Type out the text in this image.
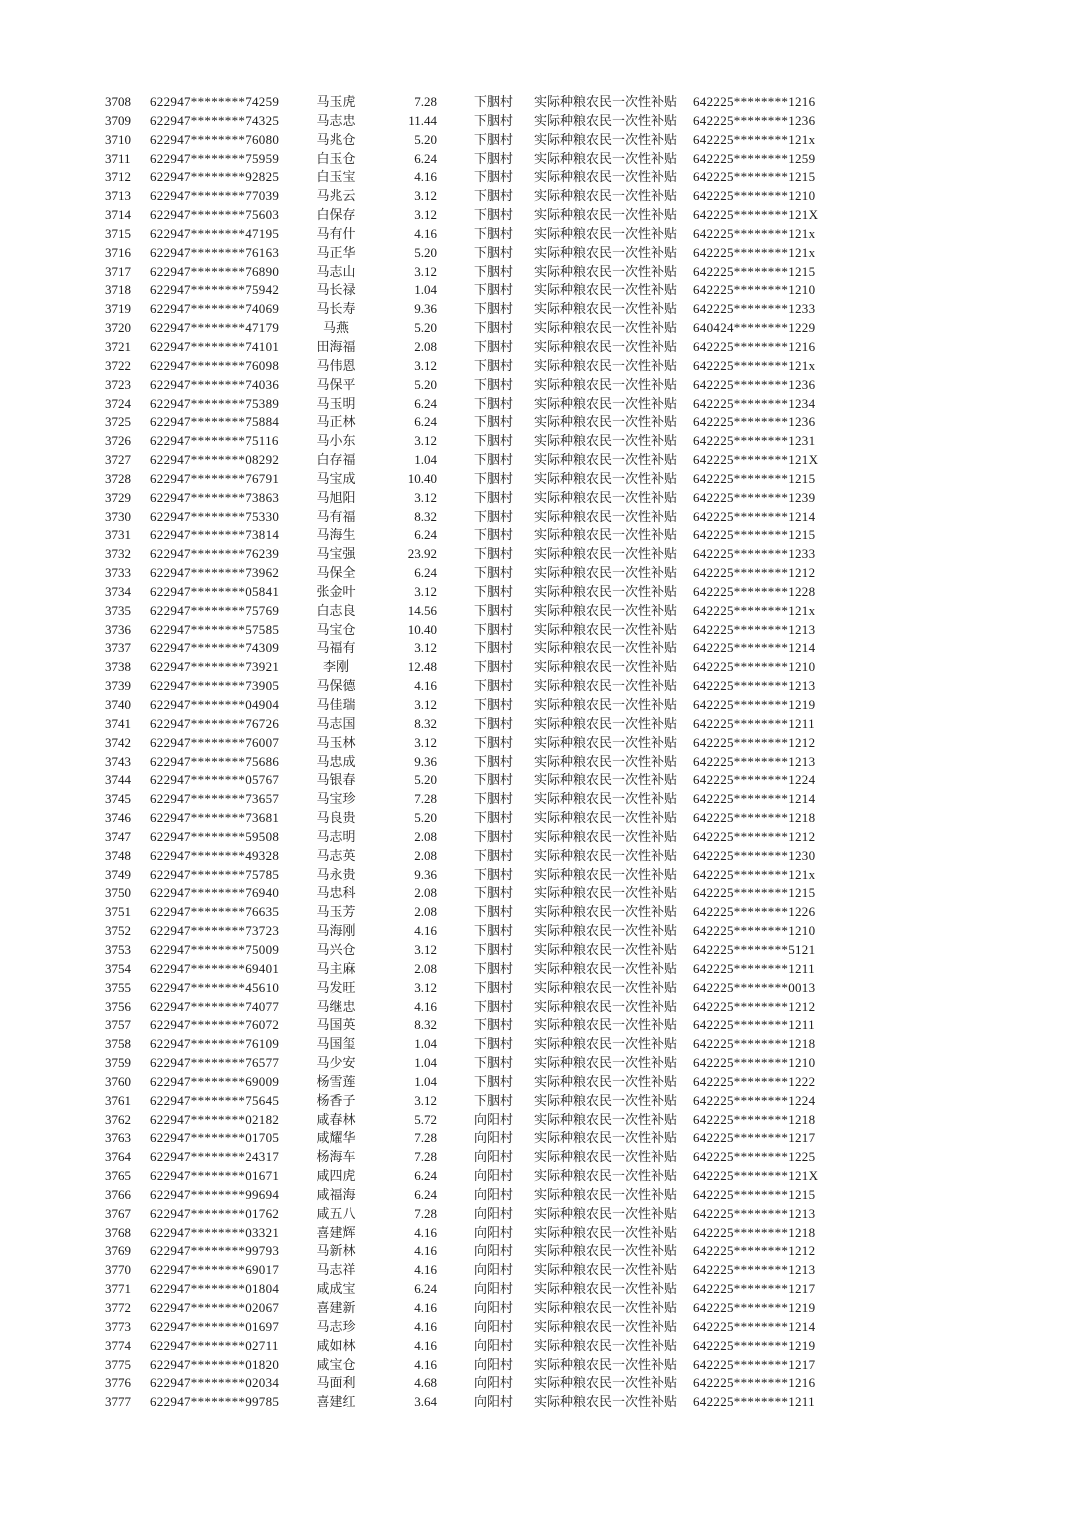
3708	622947********74259	马玉虎	7.28	下胭村	实际种粮农民一次性补贴	642225********1216
3709	622947********74325	马志忠	11.44	下胭村	实际种粮农民一次性补贴	642225********1236
3710	622947********76080	马兆仓	5.20	下胭村	实际种粮农民一次性补贴	642225********121x
3711	622947********75959	白玉仓	6.24	下胭村	实际种粮农民一次性补贴	642225********1259
3712	622947********92825	白玉宝	4.16	下胭村	实际种粮农民一次性补贴	642225********1215
3713	622947********77039	马兆云	3.12	下胭村	实际种粮农民一次性补贴	642225********1210
3714	622947********75603	白保存	3.12	下胭村	实际种粮农民一次性补贴	642225********121X
3715	622947********47195	马有什	4.16	下胭村	实际种粮农民一次性补贴	642225********121x
3716	622947********76163	马正华	5.20	下胭村	实际种粮农民一次性补贴	642225********121x
3717	622947********76890	马志山	3.12	下胭村	实际种粮农民一次性补贴	642225********1215
3718	622947********75942	马长禄	1.04	下胭村	实际种粮农民一次性补贴	642225********1210
3719	622947********74069	马长寿	9.36	下胭村	实际种粮农民一次性补贴	642225********1233
3720	622947********47179	马燕	5.20	下胭村	实际种粮农民一次性补贴	640424********1229
3721	622947********74101	田海福	2.08	下胭村	实际种粮农民一次性补贴	642225********1216
3722	622947********76098	马伟恩	3.12	下胭村	实际种粮农民一次性补贴	642225********121x
3723	622947********74036	马保平	5.20	下胭村	实际种粮农民一次性补贴	642225********1236
3724	622947********75389	马玉明	6.24	下胭村	实际种粮农民一次性补贴	642225********1234
3725	622947********75884	马正林	6.24	下胭村	实际种粮农民一次性补贴	642225********1236
3726	622947********75116	马小东	3.12	下胭村	实际种粮农民一次性补贴	642225********1231
3727	622947********08292	白存福	1.04	下胭村	实际种粮农民一次性补贴	642225********121X
3728	622947********76791	马宝成	10.40	下胭村	实际种粮农民一次性补贴	642225********1215
3729	622947********73863	马旭阳	3.12	下胭村	实际种粮农民一次性补贴	642225********1239
3730	622947********75330	马有福	8.32	下胭村	实际种粮农民一次性补贴	642225********1214
3731	622947********73814	马海生	6.24	下胭村	实际种粮农民一次性补贴	642225********1215
3732	622947********76239	马宝强	23.92	下胭村	实际种粮农民一次性补贴	642225********1233
3733	622947********73962	马保全	6.24	下胭村	实际种粮农民一次性补贴	642225********1212
3734	622947********05841	张金叶	3.12	下胭村	实际种粮农民一次性补贴	642225********1228
3735	622947********75769	白志良	14.56	下胭村	实际种粮农民一次性补贴	642225********121x
3736	622947********57585	马宝仓	10.40	下胭村	实际种粮农民一次性补贴	642225********1213
3737	622947********74309	马福有	3.12	下胭村	实际种粮农民一次性补贴	642225********1214
3738	622947********73921	李刚	12.48	下胭村	实际种粮农民一次性补贴	642225********1210
3739	622947********73905	马保德	4.16	下胭村	实际种粮农民一次性补贴	642225********1213
3740	622947********04904	马佳瑞	3.12	下胭村	实际种粮农民一次性补贴	642225********1219
3741	622947********76726	马志国	8.32	下胭村	实际种粮农民一次性补贴	642225********1211
3742	622947********76007	马玉林	3.12	下胭村	实际种粮农民一次性补贴	642225********1212
3743	622947********75686	马忠成	9.36	下胭村	实际种粮农民一次性补贴	642225********1213
3744	622947********05767	马银春	5.20	下胭村	实际种粮农民一次性补贴	642225********1224
3745	622947********73657	马宝珍	7.28	下胭村	实际种粮农民一次性补贴	642225********1214
3746	622947********73681	马良贵	5.20	下胭村	实际种粮农民一次性补贴	642225********1218
3747	622947********59508	马志明	2.08	下胭村	实际种粮农民一次性补贴	642225********1212
3748	622947********49328	马志英	2.08	下胭村	实际种粮农民一次性补贴	642225********1230
3749	622947********75785	马永贵	9.36	下胭村	实际种粮农民一次性补贴	642225********121x
3750	622947********76940	马忠科	2.08	下胭村	实际种粮农民一次性补贴	642225********1215
3751	622947********76635	马玉芳	2.08	下胭村	实际种粮农民一次性补贴	642225********1226
3752	622947********73723	马海刚	4.16	下胭村	实际种粮农民一次性补贴	642225********1210
3753	622947********75009	马兴仓	3.12	下胭村	实际种粮农民一次性补贴	642225********5121
3754	622947********69401	马主麻	2.08	下胭村	实际种粮农民一次性补贴	642225********1211
3755	622947********45610	马发旺	3.12	下胭村	实际种粮农民一次性补贴	642225********0013
3756	622947********74077	马继忠	4.16	下胭村	实际种粮农民一次性补贴	642225********1212
3757	622947********76072	马国英	8.32	下胭村	实际种粮农民一次性补贴	642225********1211
3758	622947********76109	马国玺	1.04	下胭村	实际种粮农民一次性补贴	642225********1218
3759	622947********76577	马少安	1.04	下胭村	实际种粮农民一次性补贴	642225********1210
3760	622947********69009	杨雪莲	1.04	下胭村	实际种粮农民一次性补贴	642225********1222
3761	622947********75645	杨香子	3.12	下胭村	实际种粮农民一次性补贴	642225********1224
3762	622947********02182	咸春林	5.72	向阳村	实际种粮农民一次性补贴	642225********1218
3763	622947********01705	咸耀华	7.28	向阳村	实际种粮农民一次性补贴	642225********1217
3764	622947********24317	杨海车	7.28	向阳村	实际种粮农民一次性补贴	642225********1225
3765	622947********01671	咸四虎	6.24	向阳村	实际种粮农民一次性补贴	642225********121X
3766	622947********99694	咸福海	6.24	向阳村	实际种粮农民一次性补贴	642225********1215
3767	622947********01762	咸五八	7.28	向阳村	实际种粮农民一次性补贴	642225********1213
3768	622947********03321	喜建辉	4.16	向阳村	实际种粮农民一次性补贴	642225********1218
3769	622947********99793	马新林	4.16	向阳村	实际种粮农民一次性补贴	642225********1212
3770	622947********69017	马志祥	4.16	向阳村	实际种粮农民一次性补贴	642225********1213
3771	622947********01804	咸成宝	6.24	向阳村	实际种粮农民一次性补贴	642225********1217
3772	622947********02067	喜建新	4.16	向阳村	实际种粮农民一次性补贴	642225********1219
3773	622947********01697	马志珍	4.16	向阳村	实际种粮农民一次性补贴	642225********1214
3774	622947********02711	咸如林	4.16	向阳村	实际种粮农民一次性补贴	642225********1219
3775	622947********01820	咸宝仓	4.16	向阳村	实际种粮农民一次性补贴	642225********1217
3776	622947********02034	马面利	4.68	向阳村	实际种粮农民一次性补贴	642225********1216
3777	622947********99785	喜建红	3.64	向阳村	实际种粮农民一次性补贴	642225********1211
